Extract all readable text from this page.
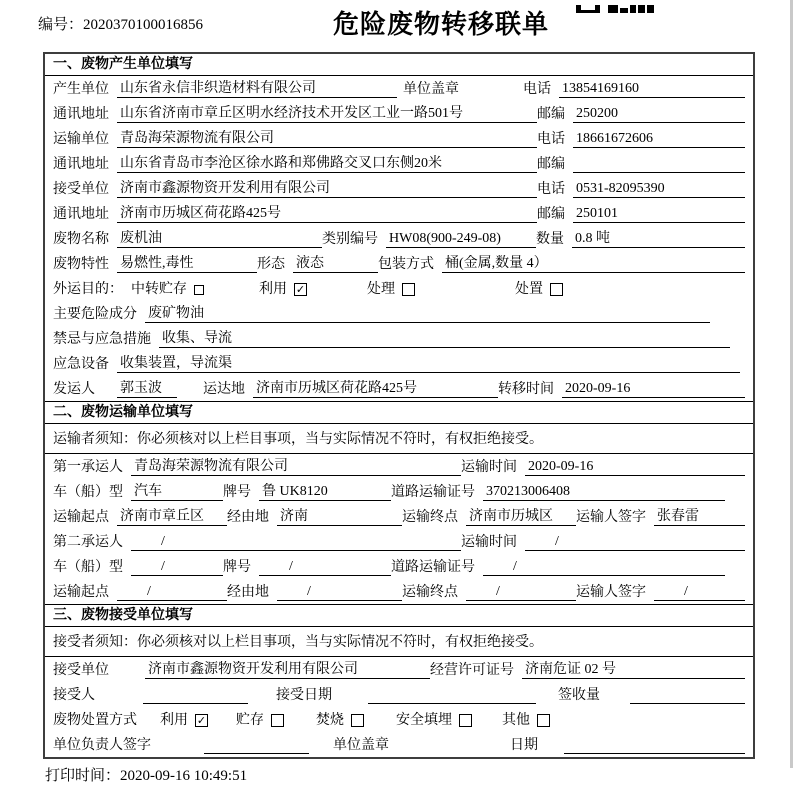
编号：2020370100016856	危险废物转移联单
一、废物产生单位填写
产生单位 山东省永信非织造材料有限公司	单位盖章	电话 13854169160
通讯地址 山东省济南市章丘区明水经济技术开发区工业一路501号	邮编 250200
运输单位 青岛海荣源物流有限公司	电话 18661672606
通讯地址 山东省青岛市李沧区徐水路和郑佛路交叉口东侧20米	邮编
接受单位 济南市鑫源物资开发利用有限公司	电话 0531-82095390
通讯地址 济南市历城区荷花路425号	邮编 250101
废物名称 废机油	类别编号 HW08(900-249-08)	数量 0.8 吨
废物特性 易燃性,毒性	形态 液态	包装方式 桶(金属,数量 4）
外运目的： 中转贮存	利用 ✓	处理	处置
主要危险成分 废矿物油
禁忌与应急措施 收集、导流
应急设备 收集装置，导流渠
发运人 郭玉波	运达地 济南市历城区荷花路425号	转移时间 2020-09-16
二、废物运输单位填写
运输者须知：你必须核对以上栏目事项，当与实际情况不符时，有权拒绝接受。
第一承运人 青岛海荣源物流有限公司	运输时间 2020-09-16
车（船）型 汽车	牌号 鲁 UK8120	道路运输证号 370213006408
运输起点 济南市章丘区	经由地 济南	运输终点 济南市历城区	运输人签字 张春雷
第二承运人	/	运输时间	/
车（船）型	/	牌号	/	道路运输证号	/
运输起点	/	经由地	/	运输终点	/	运输人签字	/
三、废物接受单位填写
接受者须知：你必须核对以上栏目事项，当与实际情况不符时，有权拒绝接受。
接受单位	济南市鑫源物资开发利用有限公司	经营许可证号 济南危证 02 号
接受人	接受日期	签收量
废物处置方式 利用 ✓ 贮存	焚烧	安全填埋	其他
单位负责人签字	单位盖章	日期
打印时间：2020-09-16 10:49:51
